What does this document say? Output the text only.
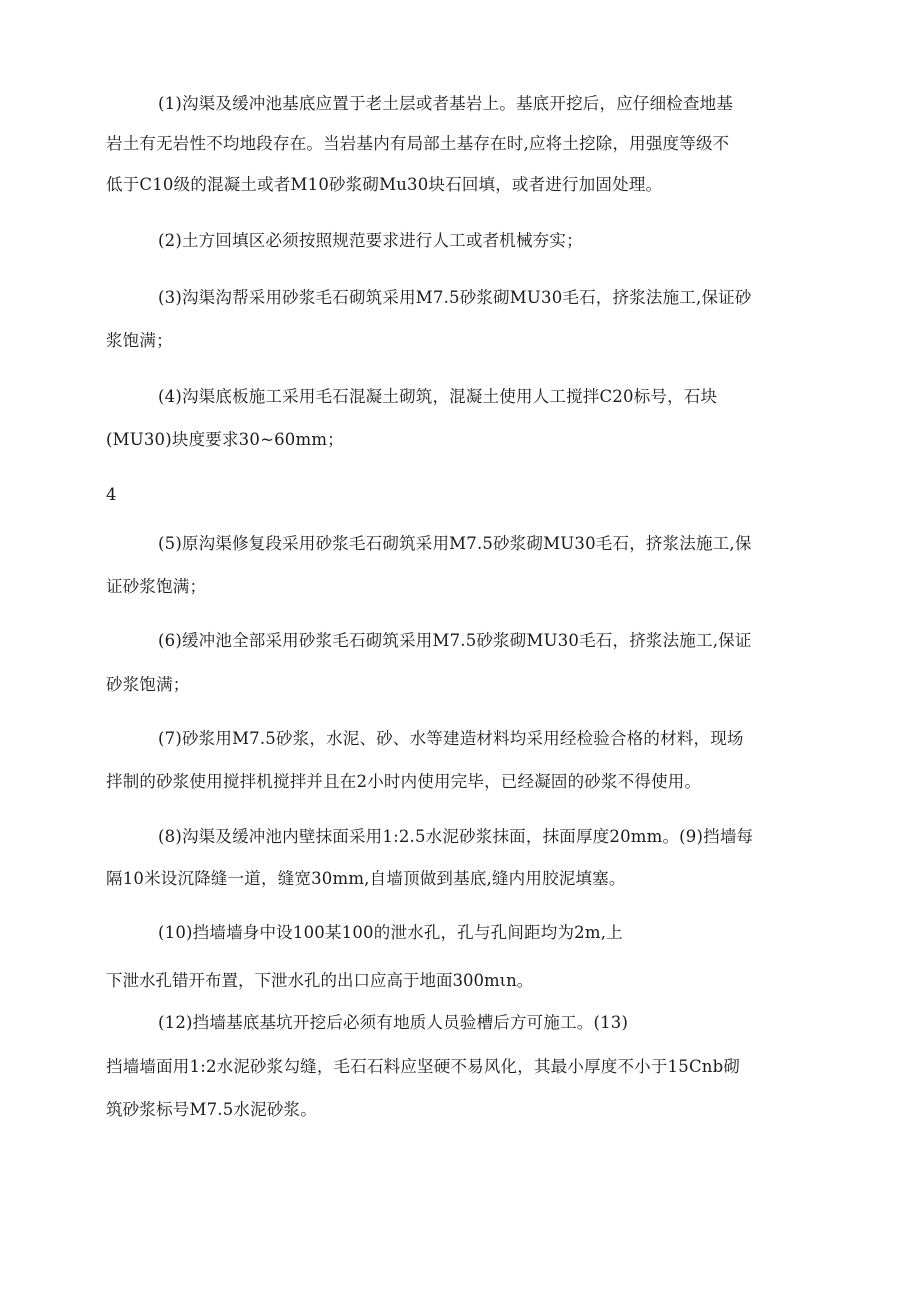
(1)沟渠及缓冲池基底应置于老土层或者基岩上。基底开挖后，应仔细检查地基
岩土有无岩性不均地段存在。当岩基内有局部土基存在时,应将土挖除，用强度等级不
低于C10级的混凝土或者M10砂浆砌Mu30块石回填，或者进行加固处理。
(2)土方回填区必须按照规范要求进行人工或者机械夯实；
(3)沟渠沟帮采用砂浆毛石砌筑采用M7.5砂浆砌MU30毛石，挤浆法施工,保证砂
浆饱满；
(4)沟渠底板施工采用毛石混凝土砌筑，混凝土使用人工搅拌C20标号，石块
(MU30)块度要求30~60mm；
4
(5)原沟渠修复段采用砂浆毛石砌筑采用M7.5砂浆砌MU30毛石，挤浆法施工,保
证砂浆饱满；
(6)缓冲池全部采用砂浆毛石砌筑采用M7.5砂浆砌MU30毛石，挤浆法施工,保证
砂浆饱满；
(7)砂浆用M7.5砂浆，水泥、砂、水等建造材料均采用经检验合格的材料，现场
拌制的砂浆使用搅拌机搅拌并且在2小时内使用完毕，已经凝固的砂浆不得使用。
(8)沟渠及缓冲池内壁抹面采用1:2.5水泥砂浆抹面，抹面厚度20mm。(9)挡墙每
隔10米设沉降缝一道，缝宽30mm,自墙顶做到基底,缝内用胶泥填塞。
(10)挡墙墙身中设100某100的泄水孔，孔与孔间距均为2m,上
下泄水孔错开布置，下泄水孔的出口应高于地面300mιn。
(12)挡墙基底基坑开挖后必须有地质人员验槽后方可施工。(13)
挡墙墙面用1:2水泥砂浆勾缝，毛石石料应坚硬不易风化，其最小厚度不小于15Cnb砌
筑砂浆标号M7.5水泥砂浆。
